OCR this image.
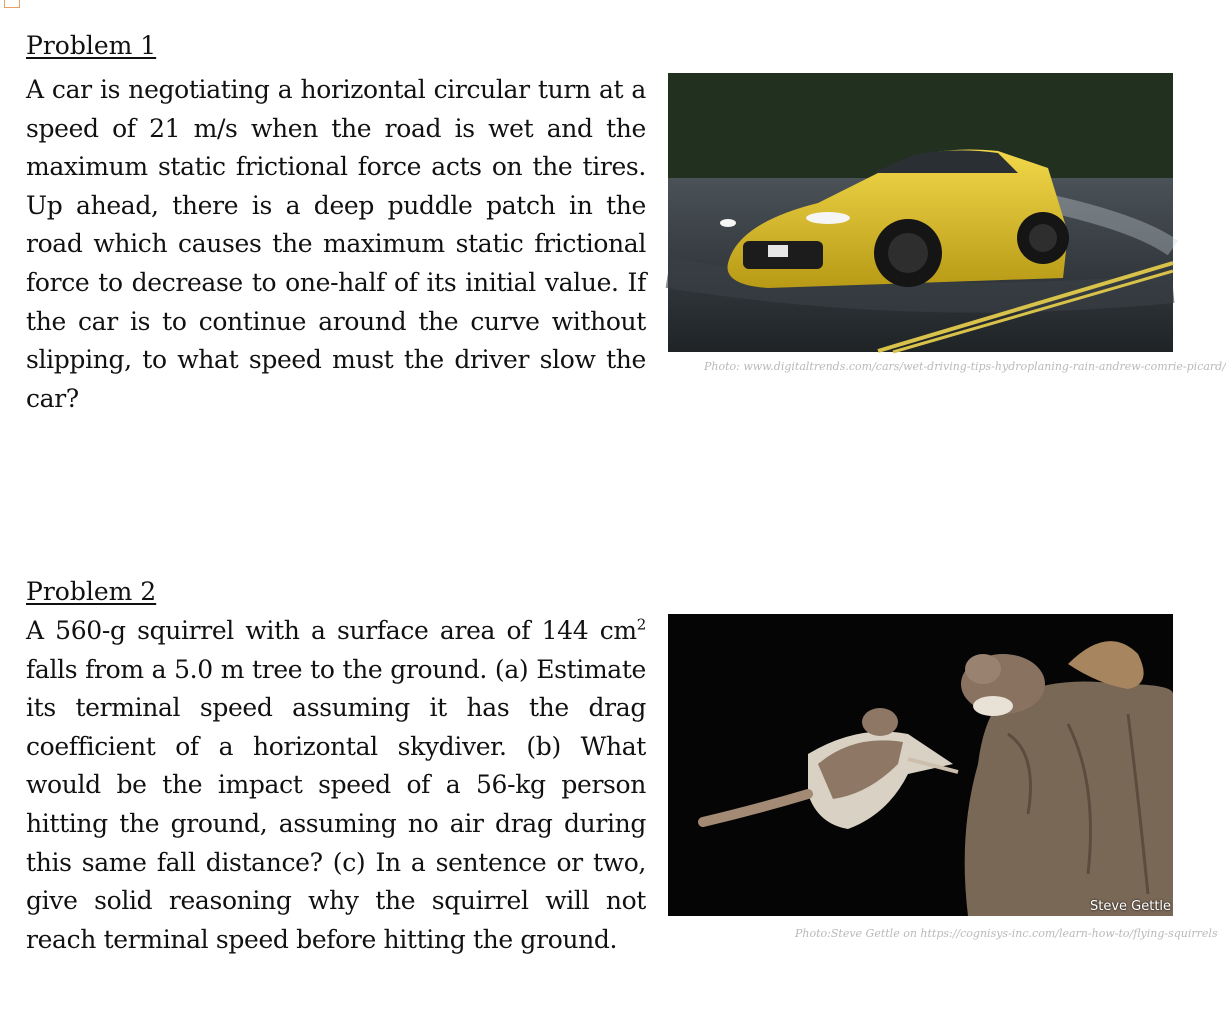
Problem 1

A car is negotiating a horizontal circular turn at a speed of 21 m/s when the road is wet and the maximum static frictional force acts on the tires. Up ahead, there is a deep puddle patch in the road which causes the maximum static frictional force to decrease to one-half of its initial value. If the car is to continue around the curve without slipping, to what speed must the driver slow the car?

Photo: www.digitaltrends.com/cars/wet-driving-tips-hydroplaning-rain-andrew-comrie-picard/
Problem 2

A 560-g squirrel with a surface area of 144 $cm^2$ falls from a 5.0 m tree to the ground. (a) Estimate its terminal speed assuming it has the drag coefficient of a horizontal skydiver. (b) What would be the impact speed of a 56-kg person hitting the ground, assuming no air drag during this same fall distance? (c) In a sentence or two, give solid reasoning why the squirrel will not reach terminal speed before hitting the ground.

Steve Gettle
Photo:Steve Gettle on https://cognisys-inc.com/learn-how-to/flying-squirrels
